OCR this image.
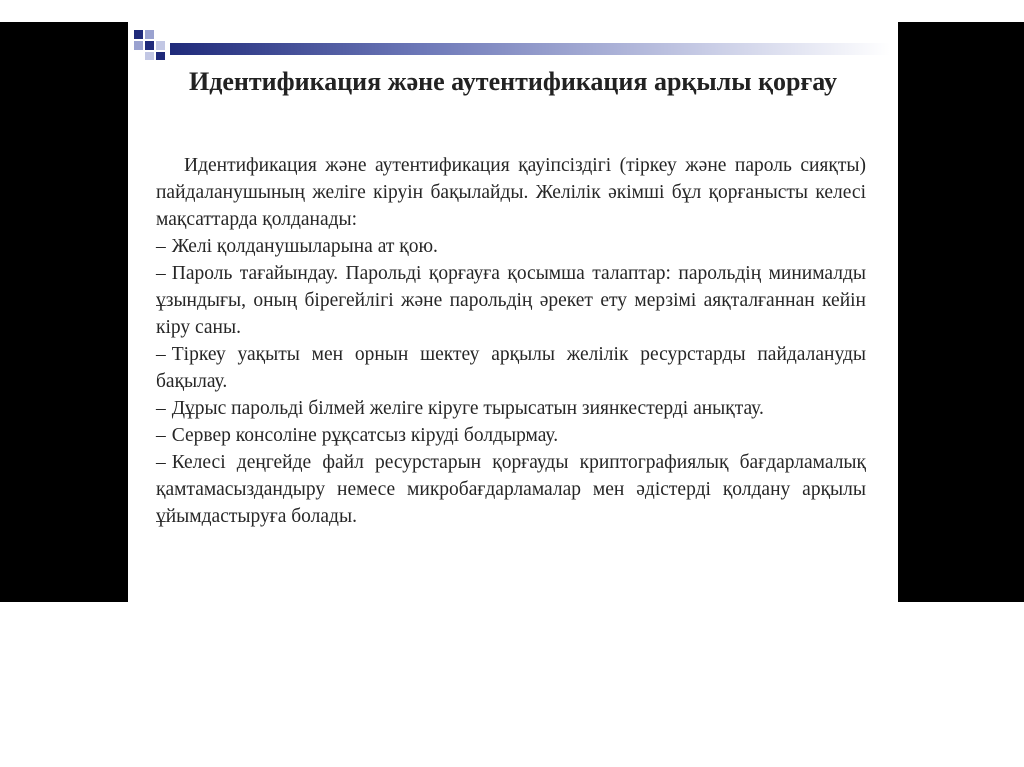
Идентификация және аутентификация арқылы қорғау

Идентификация және аутентификация қауіпсіздігі (тіркеу және пароль сияқты) пайдаланушының желіге кіруін бақылайды. Желілік әкімші бұл қорғанысты келесі мақсаттарда қолданады:

– Желі қолданушыларына ат қою.
– Пароль тағайындау. Парольді қорғауға қосымша талаптар: парольдің минималды ұзындығы, оның бірегейлігі және парольдің әрекет ету мерзімі аяқталғаннан кейін кіру саны.
– Тіркеу уақыты мен орнын шектеу арқылы желілік ресурстарды пайдалануды бақылау.
– Дұрыс парольді білмей желіге кіруге тырысатын зиянкестерді анықтау.
– Сервер консоліне рұқсатсыз кіруді болдырмау.
– Келесі деңгейде файл ресурстарын қорғауды криптографиялық бағдарламалық қамтамасыздандыру немесе микробағдарламалар мен әдістерді қолдану арқылы ұйымдастыруға болады.
